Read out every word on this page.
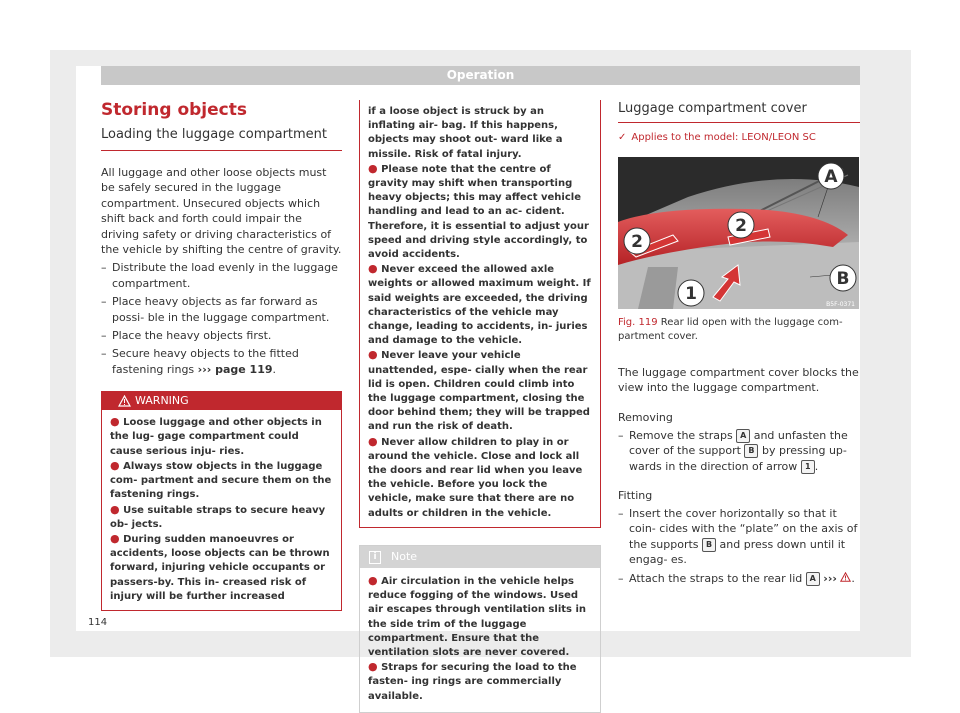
Operation
Storing objects
Loading the luggage compartment

All luggage and other loose objects must be safely secured in the luggage compartment. Unsecured objects which shift back and forth could impair the driving safety or driving characteristics of the vehicle by shifting the centre of gravity.

– Distribute the load evenly in the luggage compartment.
– Place heavy objects as far forward as possi- ble in the luggage compartment.
– Place the heavy objects first.
– Secure heavy objects to the fitted fastening rings ››› page 119.
WARNING
● Loose luggage and other objects in the lug- gage compartment could cause serious inju- ries.
● Always stow objects in the luggage com- partment and secure them on the fastening rings.
● Use suitable straps to secure heavy ob- jects.
● During sudden manoeuvres or accidents, loose objects can be thrown forward, injuring vehicle occupants or passers-by. This in- creased risk of injury will be further increased
if a loose object is struck by an inflating air- bag. If this happens, objects may shoot out- ward like a missile. Risk of fatal injury.
● Please note that the centre of gravity may shift when transporting heavy objects; this may affect vehicle handling and lead to an ac- cident. Therefore, it is essential to adjust your speed and driving style accordingly, to avoid accidents.
● Never exceed the allowed axle weights or allowed maximum weight. If said weights are exceeded, the driving characteristics of the vehicle may change, leading to accidents, in- juries and damage to the vehicle.
● Never leave your vehicle unattended, espe- cially when the rear lid is open. Children could climb into the luggage compartment, closing the door behind them; they will be trapped and run the risk of death.
● Never allow children to play in or around the vehicle. Close and lock all the doors and rear lid when you leave the vehicle. Before you lock the vehicle, make sure that there are no adults or children in the vehicle.
i	Note
● Air circulation in the vehicle helps reduce fogging of the windows. Used air escapes through ventilation slits in the side trim of the luggage compartment. Ensure that the ventilation slots are never covered.
● Straps for securing the load to the fasten- ing rings are commercially available.
Luggage compartment cover
✓ Applies to the model: LEON/LEON SC
A
2
2
1
B
B5F-0371
Fig. 119 Rear lid open with the luggage com- partment cover.

The luggage compartment cover blocks the view into the luggage compartment.

Removing
– Remove the straps A and unfasten the cover of the support B by pressing up- wards in the direction of arrow 1 .
Fitting
– Insert the cover horizontally so that it coin- cides with the “plate” on the axis of the supports B and press down until it engag- es.
– Attach the straps to the rear lid A ››› .
114
